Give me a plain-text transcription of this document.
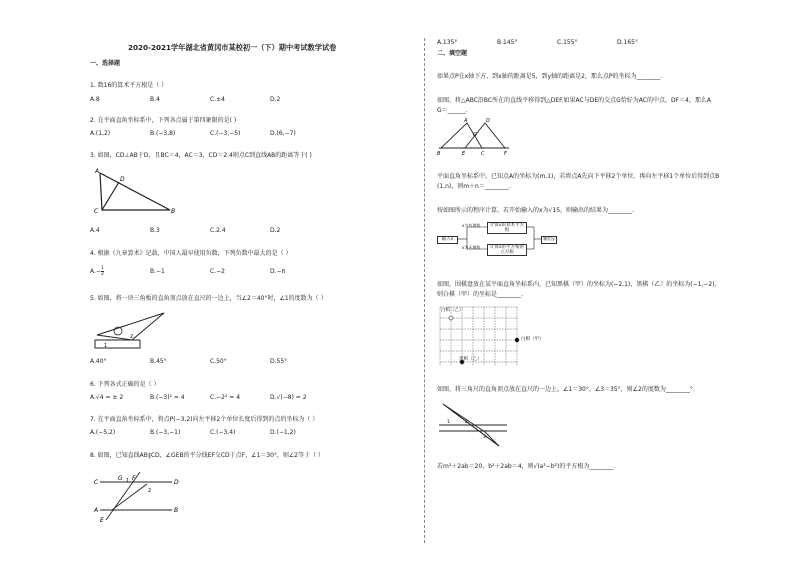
2020-2021学年湖北省黄冈市某校初一（下）期中考试数学试卷
一、选择题
1. 数16的算术平方根是（ ）
A.8	B.4	C.±4	D.2
2. 在平面直角坐标系中，下列各点属于第四象限的是( )
A.(1,2)	B.(−3,8)	C.(−3,−5)	D.(6,−7)
3. 如图，CD⊥AB于D，且BC＝4，AC＝3，CD＝2.4则点C到直线AB的距离等于( )
A
D
C	B
A.4	B.3	C.2.4	D.2
4. 根据《九章算术》记载，中国人最早使用负数，下列负数中最大的是（ ）
$A.- \frac{1}{2}$	B.−1	C.−2	D.−π
5. 如图，将一块三角板的直角顶点放在直尺的一边上，当∠2＝40°时，∠1的度数为（ ）
1
2
A.40°	B.45°	C.50°	D.55°
6. 下列各式正确的是（ ）
A.√4 = ± 2	B.(−3)² = 4	C.−2² = 4	D.√(−8) = 2
7. 在平面直角坐标系中，将点P(−3,2)向左平移2个单位长度后得到的点的坐标为（ ）
A.(−5,2)	B.(−3,−1)	C.(−3,4)	D.(−1,2)
8. 如图，已知直线AB∥CD，∠GEB的平分线EF交CD于点F，∠1＝30°，则∠2等于（ ）
C	D
A	B
G F
E
1
2
A.135°	B.145°	C.155°	D.165°
二、填空题
如果点P在x轴下方，到x轴的距离是5，到y轴的距离是2，那么点P的坐标为________.
如图，将△ABC沿BC所在的直线平移得到△DEF.如果AC与DE的交点G恰好为AC的中点，DF＝4，那么A
G＝______.
A	D
G
B	E	C	F
平面直角坐标系中，已知点A的坐标为(m,1)，若将点A先向下平移2个单位，再向左平移1个单位后得到点B
(1,n)，则m＋n＝________.
按如图所示的程序计算，若开始输入的x为√15，则输出的结果为________.
输入x
计算x的算术平方根
计算x的平方根的立方根
输出y
x为有理数
x为无理数
如图，围棋盘放在某平面直角坐标系内，已知黑棋（甲）的坐标为(−2,1)，黑棋（乙）的坐标为(−1,−2)，
则白棋（甲）的坐标是________.
白棋（乙）
白棋（甲）
黑棋（乙）
如图，将三角尺的直角顶点放在直尺的一边上，∠1＝30°，∠3＝35°，则∠2的度数为________°.
1	2
3
若m²＋2ab＝20，b²＋2ab＝4，则√(a²−b²)的平方根为________.
